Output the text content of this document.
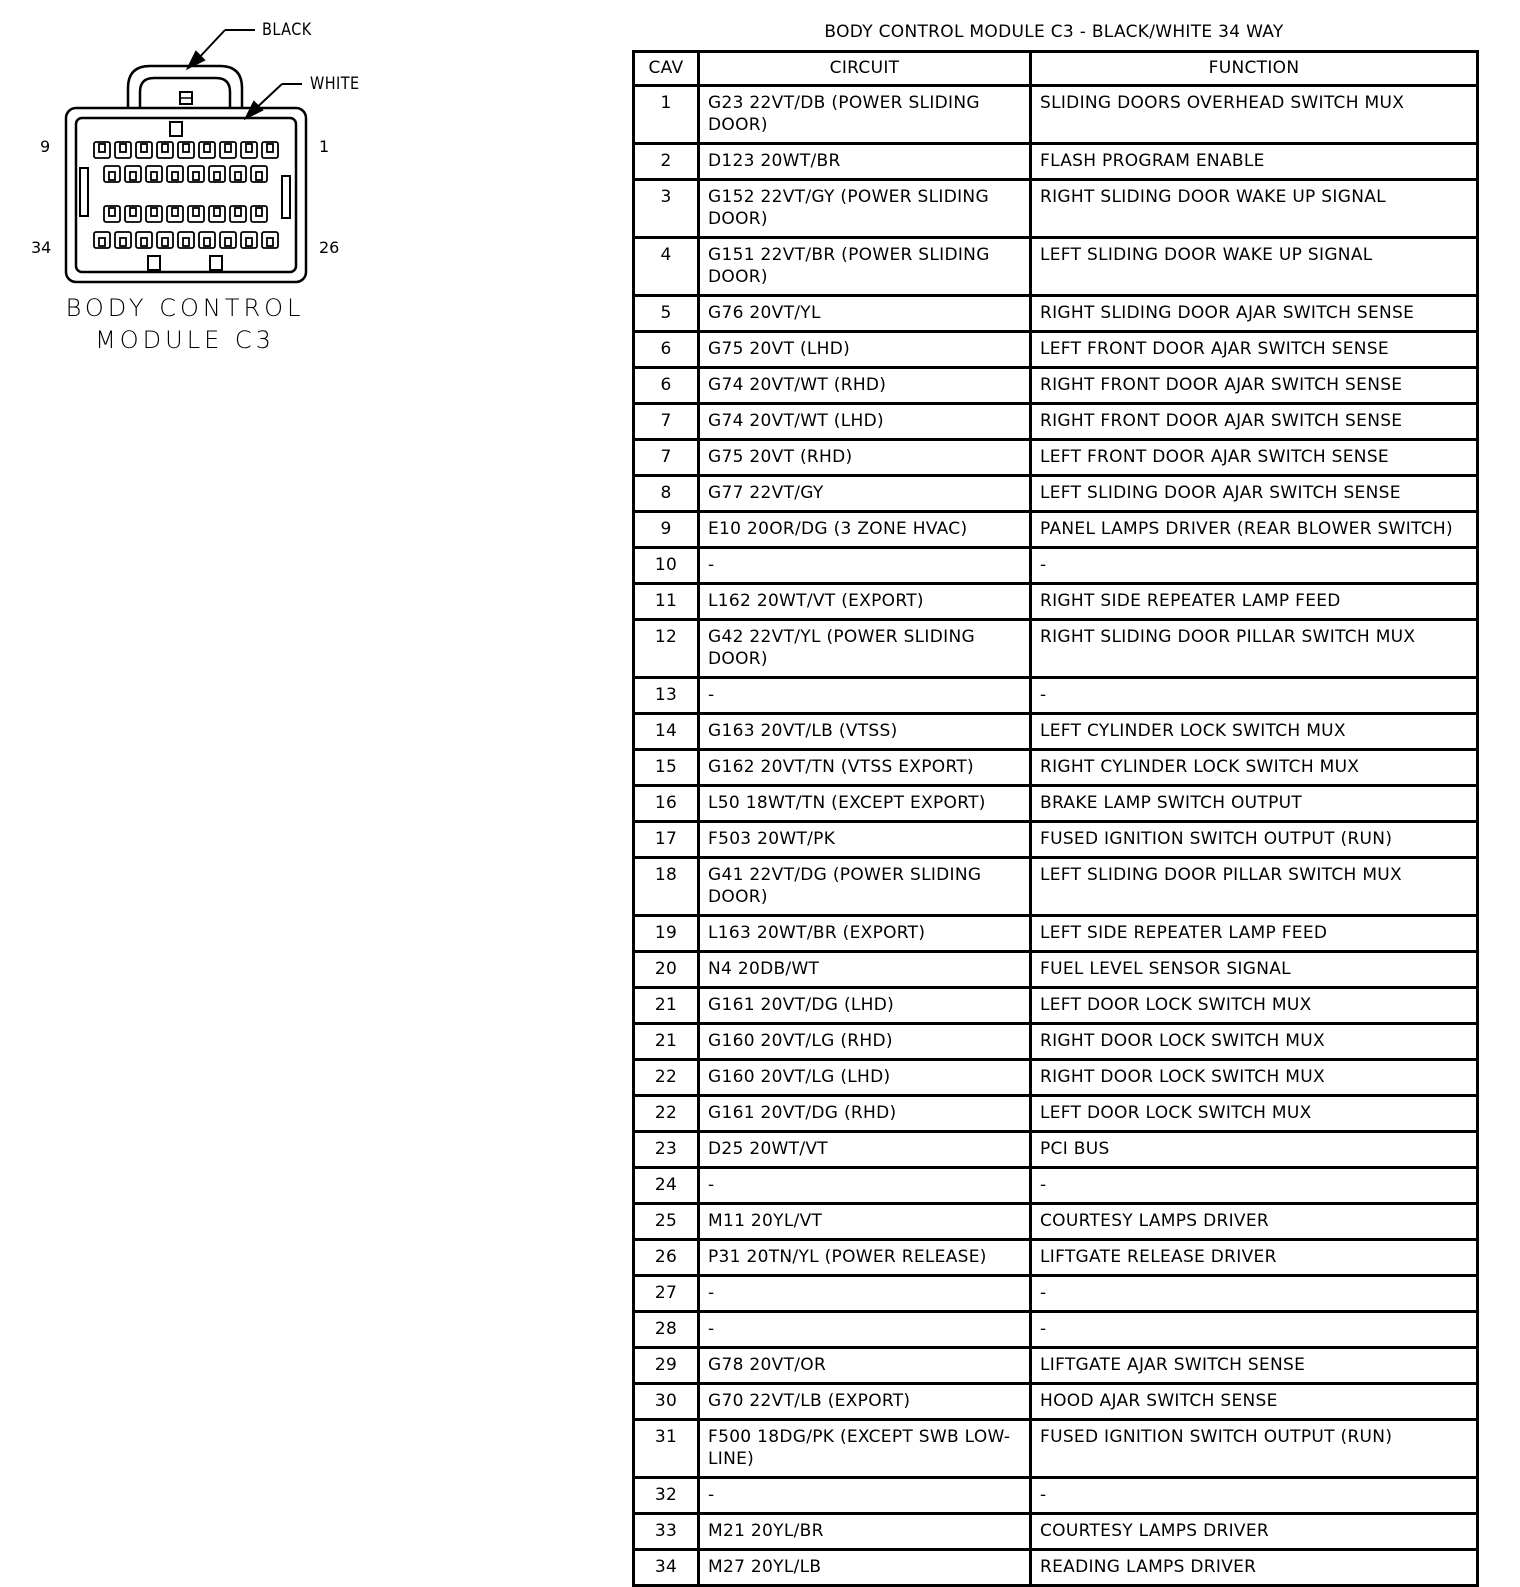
BLACK
WHITE
9	1
34	26
BODY CONTROL
MODULE C3
BODY CONTROL MODULE C3 - BLACK/WHITE 34 WAY
CAV	CIRCUIT	FUNCTION
1	G23 22VT/DB (POWER SLIDING DOOR)	SLIDING DOORS OVERHEAD SWITCH MUX
2	D123 20WT/BR	FLASH PROGRAM ENABLE
3	G152 22VT/GY (POWER SLIDING DOOR)	RIGHT SLIDING DOOR WAKE UP SIGNAL
4	G151 22VT/BR (POWER SLIDING DOOR)	LEFT SLIDING DOOR WAKE UP SIGNAL
5	G76 20VT/YL	RIGHT SLIDING DOOR AJAR SWITCH SENSE
6	G75 20VT (LHD)	LEFT FRONT DOOR AJAR SWITCH SENSE
6	G74 20VT/WT (RHD)	RIGHT FRONT DOOR AJAR SWITCH SENSE
7	G74 20VT/WT (LHD)	RIGHT FRONT DOOR AJAR SWITCH SENSE
7	G75 20VT (RHD)	LEFT FRONT DOOR AJAR SWITCH SENSE
8	G77 22VT/GY	LEFT SLIDING DOOR AJAR SWITCH SENSE
9	E10 20OR/DG (3 ZONE HVAC)	PANEL LAMPS DRIVER (REAR BLOWER SWITCH)
10	-	-
11	L162 20WT/VT (EXPORT)	RIGHT SIDE REPEATER LAMP FEED
12	G42 22VT/YL (POWER SLIDING DOOR)	RIGHT SLIDING DOOR PILLAR SWITCH MUX
13	-	-
14	G163 20VT/LB (VTSS)	LEFT CYLINDER LOCK SWITCH MUX
15	G162 20VT/TN (VTSS EXPORT)	RIGHT CYLINDER LOCK SWITCH MUX
16	L50 18WT/TN (EXCEPT EXPORT)	BRAKE LAMP SWITCH OUTPUT
17	F503 20WT/PK	FUSED IGNITION SWITCH OUTPUT (RUN)
18	G41 22VT/DG (POWER SLIDING DOOR)	LEFT SLIDING DOOR PILLAR SWITCH MUX
19	L163 20WT/BR (EXPORT)	LEFT SIDE REPEATER LAMP FEED
20	N4 20DB/WT	FUEL LEVEL SENSOR SIGNAL
21	G161 20VT/DG (LHD)	LEFT DOOR LOCK SWITCH MUX
21	G160 20VT/LG (RHD)	RIGHT DOOR LOCK SWITCH MUX
22	G160 20VT/LG (LHD)	RIGHT DOOR LOCK SWITCH MUX
22	G161 20VT/DG (RHD)	LEFT DOOR LOCK SWITCH MUX
23	D25 20WT/VT	PCI BUS
24	-	-
25	M11 20YL/VT	COURTESY LAMPS DRIVER
26	P31 20TN/YL (POWER RELEASE)	LIFTGATE RELEASE DRIVER
27	-	-
28	-	-
29	G78 20VT/OR	LIFTGATE AJAR SWITCH SENSE
30	G70 22VT/LB (EXPORT)	HOOD AJAR SWITCH SENSE
31	F500 18DG/PK (EXCEPT SWB LOW-LINE)	FUSED IGNITION SWITCH OUTPUT (RUN)
32	-	-
33	M21 20YL/BR	COURTESY LAMPS DRIVER
34	M27 20YL/LB	READING LAMPS DRIVER
